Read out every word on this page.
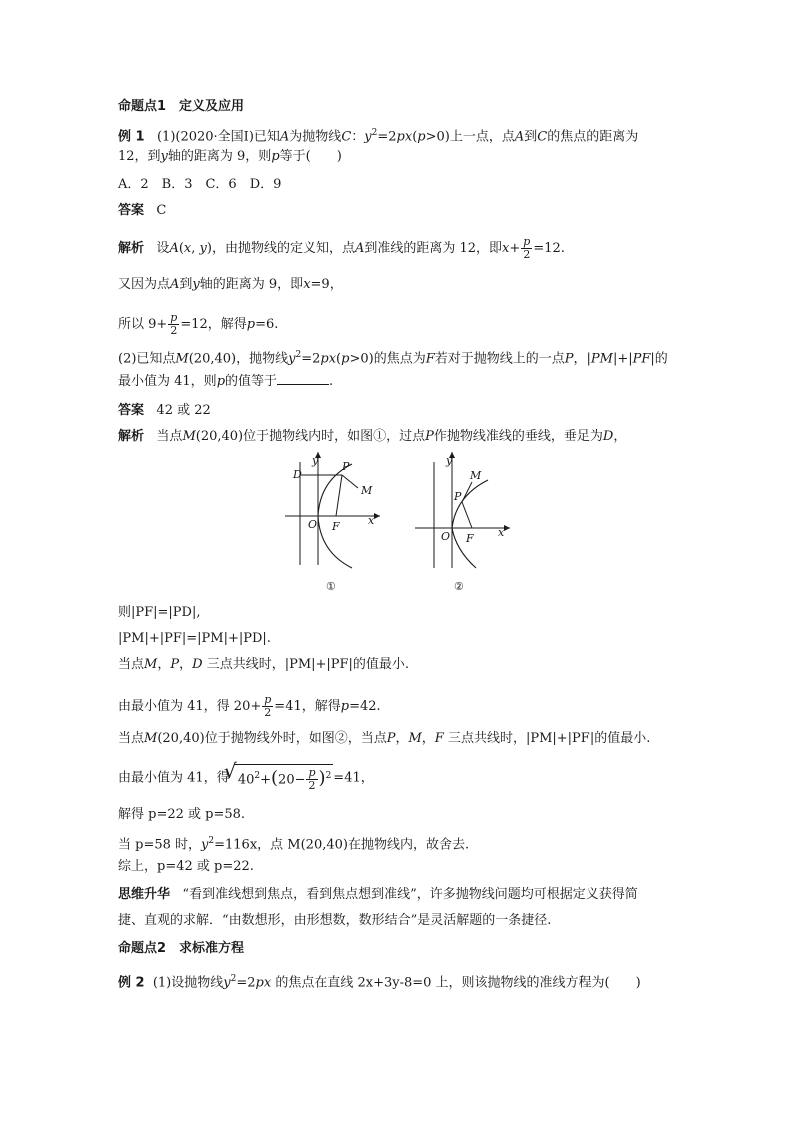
命题点1　定义及应用
例 1 (1)(2020·全国Ⅰ)已知A为抛物线C：$y^2=2px(p>0)$上一点，点A到C的焦点的距离为
12，到y轴的距离为 9，则p等于(　　)
A．2　B．3　C．6　D．9
答案 C
解析 设A(x, y)，由抛物线的定义知，点A到准线的距离为 12，即$x+ \frac{p}{2} =12$.
又因为点A到y轴的距离为 9，即x=9，
所以 $9+ \frac{p}{2} =12$，解得p=6.
(2)已知点M(20,40)，抛物线$y^2=2px(p>0)$的焦点为F若对于抛物线上的一点P，|PM|+|PF|的
最小值为 41，则p的值等于	.
答案 42 或 22
解析 当点M(20,40)位于抛物线内时，如图①，过点P作抛物线准线的垂线，垂足为D，
D
y P
M
O F	x
①
y
M
P
O F x
②
则|PF|=|PD|,
|PM|+|PF|=|PM|+|PD|.
当点M，P，D 三点共线时，|PM|+|PF|的值最小.
由最小值为 41，得 $20+ \frac{p}{2} =41$，解得p=42.
当点M(20,40)位于抛物线外时，如图②，当点P，M，F 三点共线时，|PM|+|PF|的值最小.
由最小值为 41，得
√ $40^2+(20- \frac{p}{2} )^2 =41$，
解得 p=22 或 p=58.
当 p=58 时，$y^2=116x$，点 M(20,40)在抛物线内，故舍去.
综上，p=42 或 p=22.
思维升华 “看到准线想到焦点，看到焦点想到准线”，许多抛物线问题均可根据定义获得简
捷、直观的求解．“由数想形，由形想数，数形结合”是灵活解题的一条捷径.
命题点2　求标准方程
例 2 (1)设抛物线$y^2=2px$ 的焦点在直线 2x+3y-8=0 上，则该抛物线的准线方程为(　　)
